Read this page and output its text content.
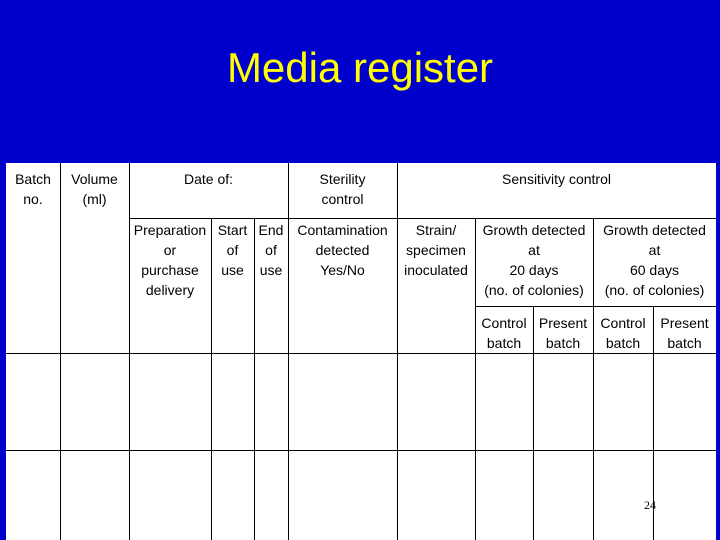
Media register
Batch
no.
Volume
(ml)
Date of:	Sterility
control
Sensitivity control
Preparation
or
purchase
delivery
Start
of
use
End
of
use
Contamination
detected
Yes/No
Strain/
specimen
inoculated
Growth detected
at
20 days
(no. of colonies)
Growth detected
at
60 days
(no. of colonies)
Control
batch
Present
batch
Control
batch
Present
batch
24
